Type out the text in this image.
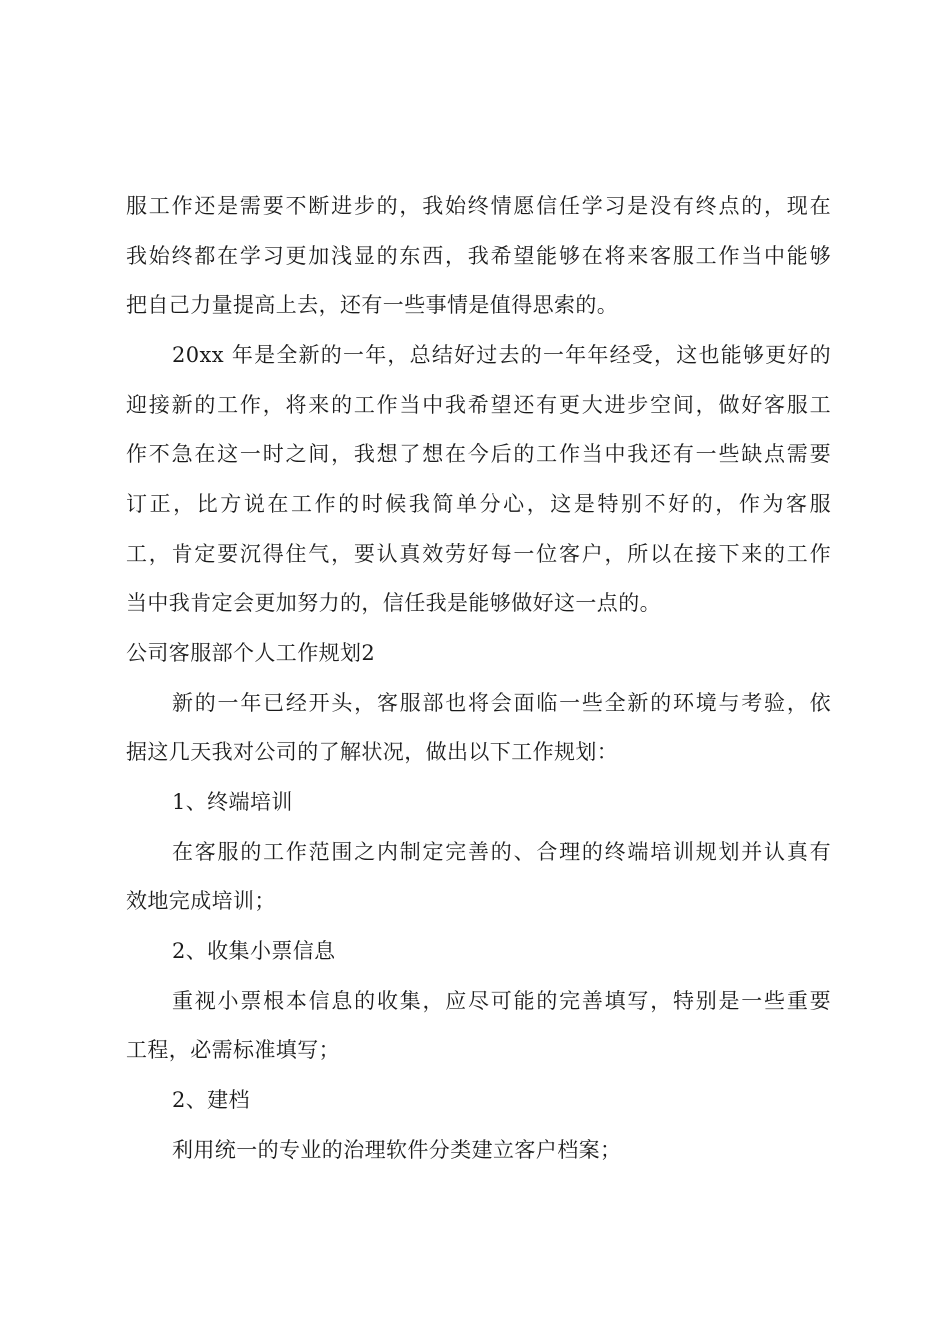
服工作还是需要不断进步的，我始终情愿信任学习是没有终点的，现在
我始终都在学习更加浅显的东西，我希望能够在将来客服工作当中能够
把自己力量提高上去，还有一些事情是值得思索的。
20xx 年是全新的一年，总结好过去的一年年经受，这也能够更好的
迎接新的工作，将来的工作当中我希望还有更大进步空间，做好客服工
作不急在这一时之间，我想了想在今后的工作当中我还有一些缺点需要
订正，比方说在工作的时候我简单分心，这是特别不好的，作为客服
工，肯定要沉得住气，要认真效劳好每一位客户，所以在接下来的工作
当中我肯定会更加努力的，信任我是能够做好这一点的。
公司客服部个人工作规划2
新的一年已经开头，客服部也将会面临一些全新的环境与考验，依
据这几天我对公司的了解状况，做出以下工作规划：
1、终端培训
在客服的工作范围之内制定完善的、合理的终端培训规划并认真有
效地完成培训；
2、收集小票信息
重视小票根本信息的收集，应尽可能的完善填写，特别是一些重要
工程，必需标准填写；
2、建档
利用统一的专业的治理软件分类建立客户档案；
